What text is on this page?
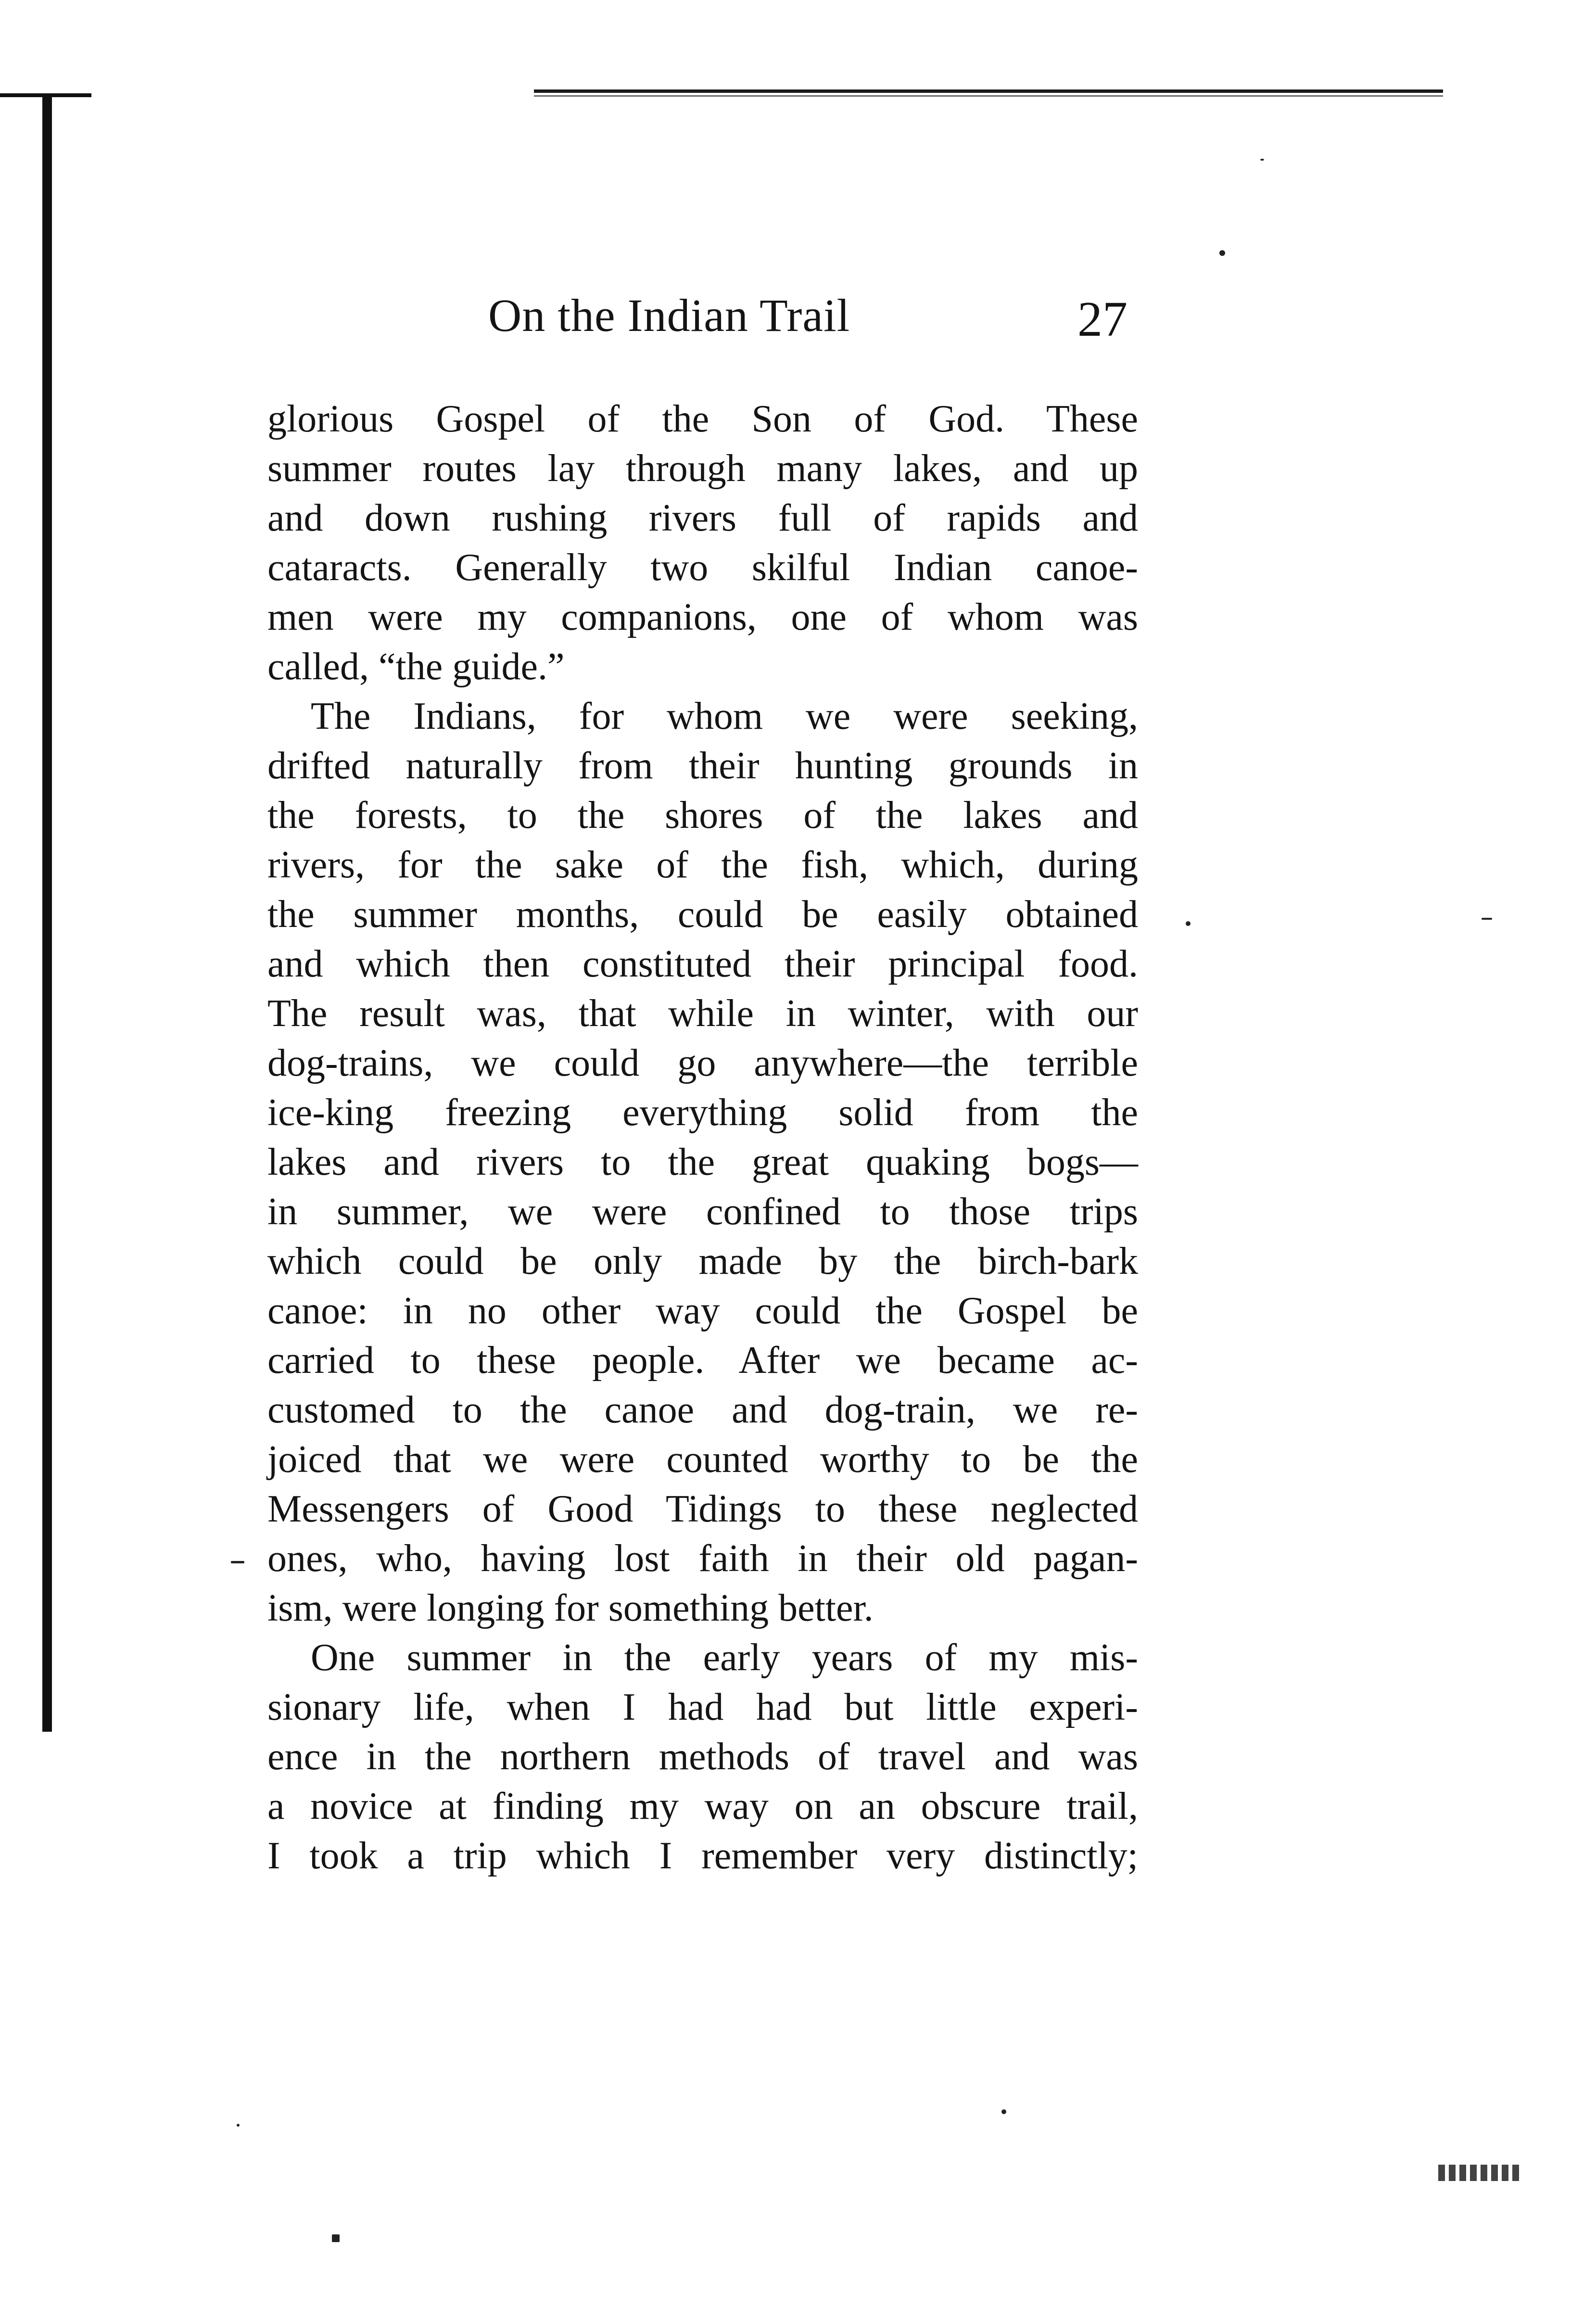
On the Indian Trail	27
glorious Gospel of the Son of God. These
summer routes lay through many lakes, and up
and down rushing rivers full of rapids and
cataracts. Generally two skilful Indian canoe-
men were my companions, one of whom was
called, “the guide.”
The Indians, for whom we were seeking,
drifted naturally from their hunting grounds in
the forests, to the shores of the lakes and
rivers, for the sake of the fish, which, during
the summer months, could be easily obtained
and which then constituted their principal food.
The result was, that while in winter, with our
dog-trains, we could go anywhere—the terrible
ice-king freezing everything solid from the
lakes and rivers to the great quaking bogs—
in summer, we were confined to those trips
which could be only made by the birch-bark
canoe: in no other way could the Gospel be
carried to these people. After we became ac-
customed to the canoe and dog-train, we re-
joiced that we were counted worthy to be the
Messengers of Good Tidings to these neglected
ones, who, having lost faith in their old pagan-
ism, were longing for something better.
One summer in the early years of my mis-
sionary life, when I had had but little experi-
ence in the northern methods of travel and was
a novice at finding my way on an obscure trail,
I took a trip which I remember very distinctly;
